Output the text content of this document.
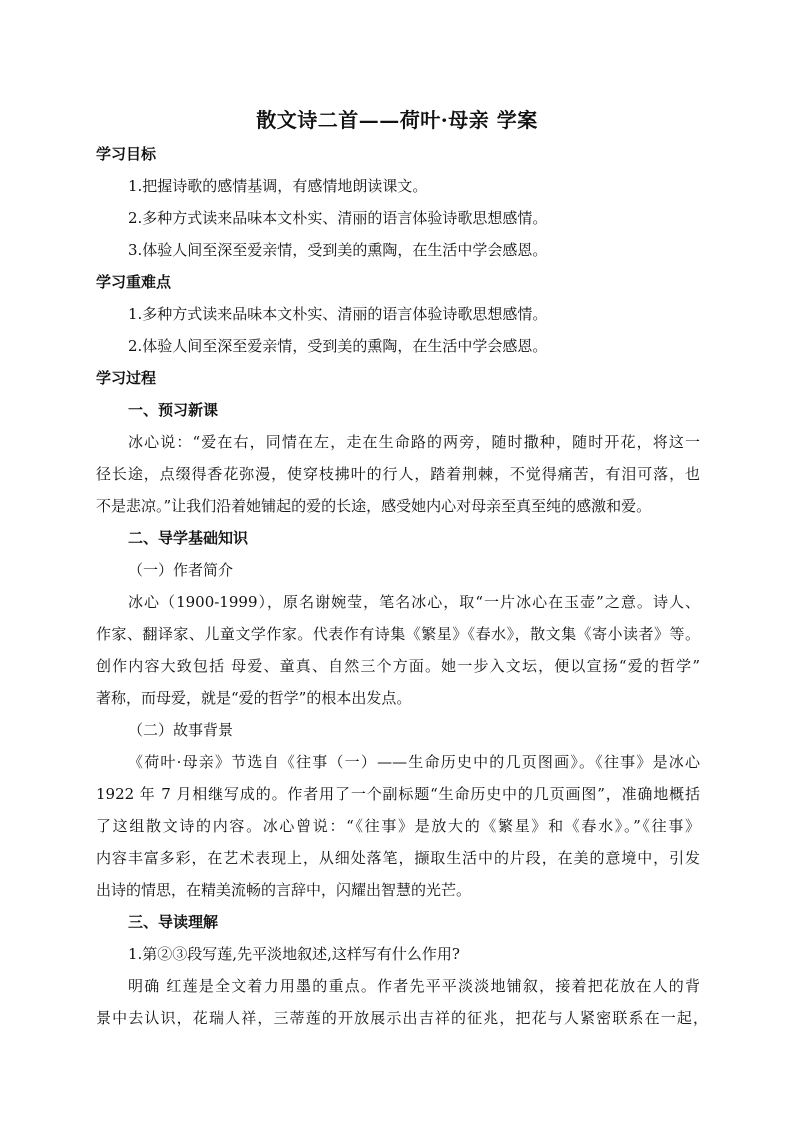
散文诗二首——荷叶·母亲 学案
学习目标
1.把握诗歌的感情基调，有感情地朗读课文。
2.多种方式读来品味本文朴实、清丽的语言体验诗歌思想感情。
3.体验人间至深至爱亲情，受到美的熏陶，在生活中学会感恩。
学习重难点
1.多种方式读来品味本文朴实、清丽的语言体验诗歌思想感情。
2.体验人间至深至爱亲情，受到美的熏陶，在生活中学会感恩。
学习过程
一、预习新课
冰心说：“爱在右，同情在左，走在生命路的两旁，随时撒种，随时开花，将这一
径长途，点缀得香花弥漫，使穿枝拂叶的行人，踏着荆棘，不觉得痛苦，有泪可落，也
不是悲凉。”让我们沿着她铺起的爱的长途，感受她内心对母亲至真至纯的感激和爱。
二、导学基础知识
（一）作者简介
冰心（1900-1999），原名谢婉莹，笔名冰心，取“一片冰心在玉壶”之意。诗人、
作家、翻译家、儿童文学作家。代表作有诗集《繁星》《春水》，散文集《寄小读者》等。
创作内容大致包括 母爱、童真、自然三个方面。她一步入文坛，便以宣扬“爱的哲学”
著称，而母爱，就是“爱的哲学”的根本出发点。
（二）故事背景
《荷叶·母亲》节选自《往事（一）——生命历史中的几页图画》。《往事》是冰心
1922 年 7 月相继写成的。作者用了一个副标题“生命历史中的几页画图”，准确地概括
了这组散文诗的内容。冰心曾说：“《往事》是放大的《繁星》和《春水》。”《往事》
内容丰富多彩，在艺术表现上，从细处落笔，撷取生活中的片段，在美的意境中，引发
出诗的情思，在精美流畅的言辞中，闪耀出智慧的光芒。
三、导读理解
1.第②③段写莲,先平淡地叙述,这样写有什么作用?
明确 红莲是全文着力用墨的重点。作者先平平淡淡地铺叙，接着把花放在人的背
景中去认识，花瑞人祥，三蒂莲的开放展示出吉祥的征兆，把花与人紧密联系在一起，
